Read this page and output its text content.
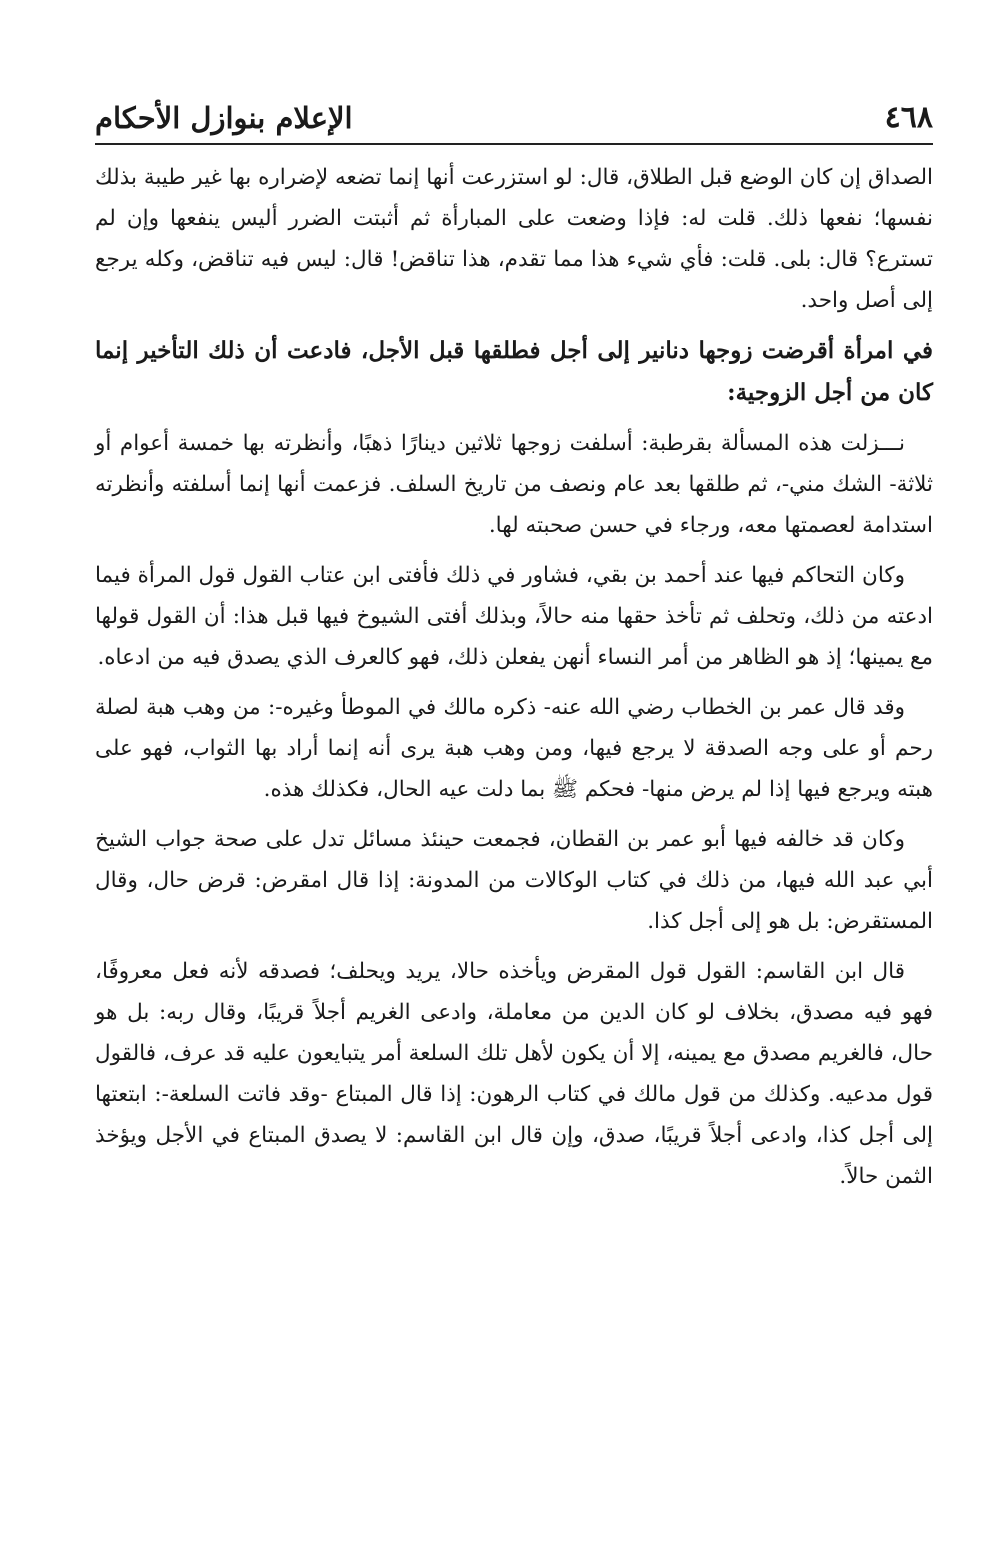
٤٦٨
الإعلام بنوازل الأحكام

الصداق إن كان الوضع قبل الطلاق، قال: لو استزرعت أنها إنما تضعه لإضراره بها غير طيبة بذلك نفسها؛ نفعها ذلك. قلت له: فإذا وضعت على المبارأة ثم أثبتت الضرر أليس ينفعها وإن لم تسترع؟ قال: بلى. قلت: فأي شيء هذا مما تقدم، هذا تناقض! قال: ليس فيه تناقض، وكله يرجع إلى أصل واحد.

في امرأة أقرضت زوجها دنانير إلى أجل فطلقها قبل الأجل، فادعت أن ذلك التأخير إنما كان من أجل الزوجية:

نـــزلت هذه المسألة بقرطبة: أسلفت زوجها ثلاثين دينارًا ذهبًا، وأنظرته بها خمسة أعوام أو ثلاثة- الشك مني-، ثم طلقها بعد عام ونصف من تاريخ السلف. فزعمت أنها إنما أسلفته وأنظرته استدامة لعصمتها معه، ورجاء في حسن صحبته لها.

وكان التحاكم فيها عند أحمد بن بقي، فشاور في ذلك فأفتى ابن عتاب القول قول المرأة فيما ادعته من ذلك، وتحلف ثم تأخذ حقها منه حالاً، وبذلك أفتى الشيوخ فيها قبل هذا: أن القول قولها مع يمينها؛ إذ هو الظاهر من أمر النساء أنهن يفعلن ذلك، فهو كالعرف الذي يصدق فيه من ادعاه.

وقد قال عمر بن الخطاب رضي الله عنه- ذكره مالك في الموطأ وغيره-: من وهب هبة لصلة رحم أو على وجه الصدقة لا يرجع فيها، ومن وهب هبة يرى أنه إنما أراد بها الثواب، فهو على هبته ويرجع فيها إذا لم يرض منها- فحكم ﷺ بما دلت عيه الحال، فكذلك هذه.

وكان قد خالفه فيها أبو عمر بن القطان، فجمعت حينئذ مسائل تدل على صحة جواب الشيخ أبي عبد الله فيها، من ذلك في كتاب الوكالات من المدونة: إذا قال امقرض: قرض حال، وقال المستقرض: بل هو إلى أجل كذا.

قال ابن القاسم: القول قول المقرض ويأخذه حالا، يريد ويحلف؛ فصدقه لأنه فعل معروفًا، فهو فيه مصدق، بخلاف لو كان الدين من معاملة، وادعى الغريم أجلاً قريبًا، وقال ربه: بل هو حال، فالغريم مصدق مع يمينه، إلا أن يكون لأهل تلك السلعة أمر يتبايعون عليه قد عرف، فالقول قول مدعيه. وكذلك من قول مالك في كتاب الرهون: إذا قال المبتاع -وقد فاتت السلعة-: ابتعتها إلى أجل كذا، وادعى أجلاً قريبًا، صدق، وإن قال ابن القاسم: لا يصدق المبتاع في الأجل ويؤخذ الثمن حالاً.
